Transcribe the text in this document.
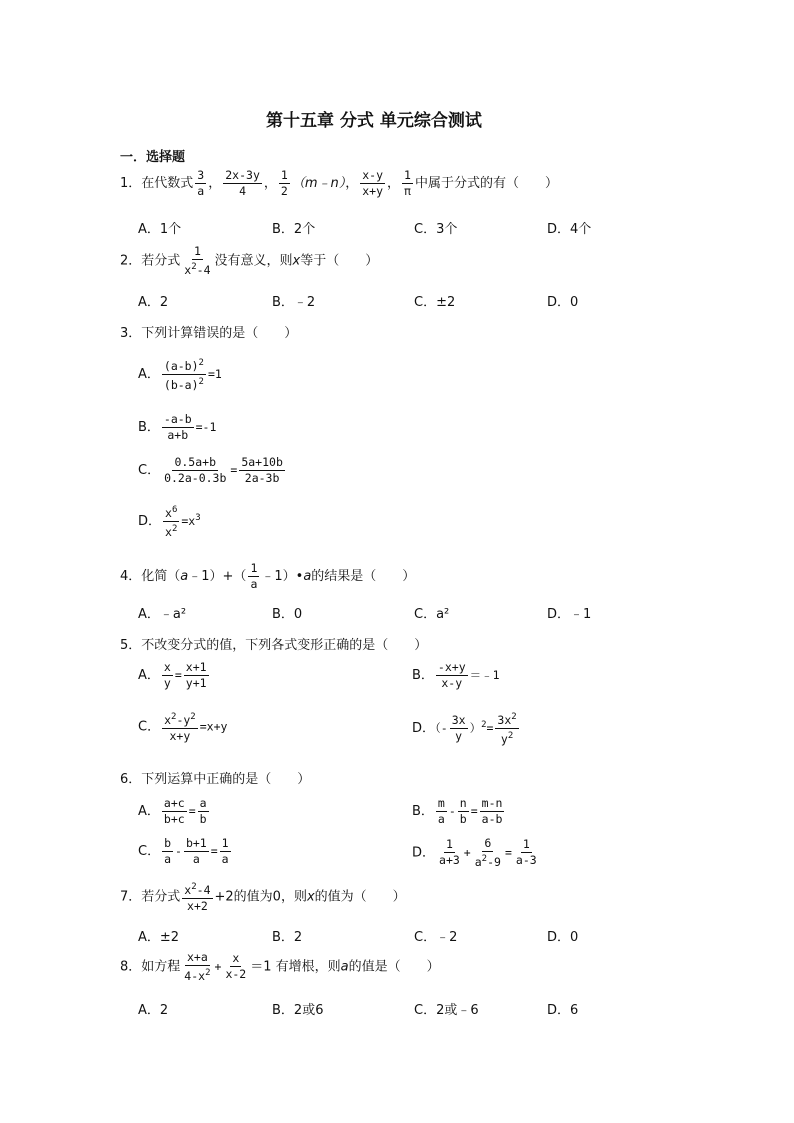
第十五章 分式 单元综合测试
一．选择题
1．在代数式 $\frac{3}{a}$ ， $\frac{2x-3y}{4}$ ， $\frac{1}{2}$ （m﹣n）， $\frac{x-y}{x+y}$ ， $\frac{1}{\pi}$ 中属于分式的有（　　）
A．1个	B．2个	C．3个	D．4个
2．若分式 $\frac{1}{x^2-4}$ 没有意义，则x等于（　　）
A．2	B．﹣2	C．±2	D．0
3．下列计算错误的是（　　）
A． $\frac{(a-b)^2}{(b-a)^2} =1$
B． $\frac{-a-b}{a+b} =-1$
C． $\frac{0.5a+b}{0.2a-0.3b} = \frac{5a+10b}{2a-3b}$
D． $\frac{x^6}{x^2} =x^3$
4．化简（a﹣1）+（ $\frac{1}{a}$ ﹣1）•a的结果是（　　）
A．﹣a²	B．0	C．a²	D．﹣1
5．不改变分式的值，下列各式变形正确的是（　　）
A． $\frac{x}{y} = \frac{x+1}{y+1}$	B． $\frac{-x+y}{x-y}$ ＝﹣1
C． $\frac{x^2-y^2}{x+y} =x+y$	D．（- $\frac{3x}{y} )^2= \frac{3x^2}{y^2}$
6．下列运算中正确的是（　　）
A． $\frac{a+c}{b+c} = \frac{a}{b}$	B． $\frac{m}{a} - \frac{n}{b} = \frac{m-n}{a-b}$
C． $\frac{b}{a} - \frac{b+1}{a} = \frac{1}{a}$	D． $\frac{1}{a+3} + \frac{6}{a^2-9} = \frac{1}{a-3}$
7．若分式 $\frac{x^2-4}{x+2} +2$的值为0，则x的值为（　　）
A．±2	B．2	C．﹣2	D．0
8．如方程 $\frac{x+a}{4-x^2} + \frac{x}{x-2} =1$ 有增根，则a的值是（　　）
A．2	B．2或6	C．2或﹣6	D．6
